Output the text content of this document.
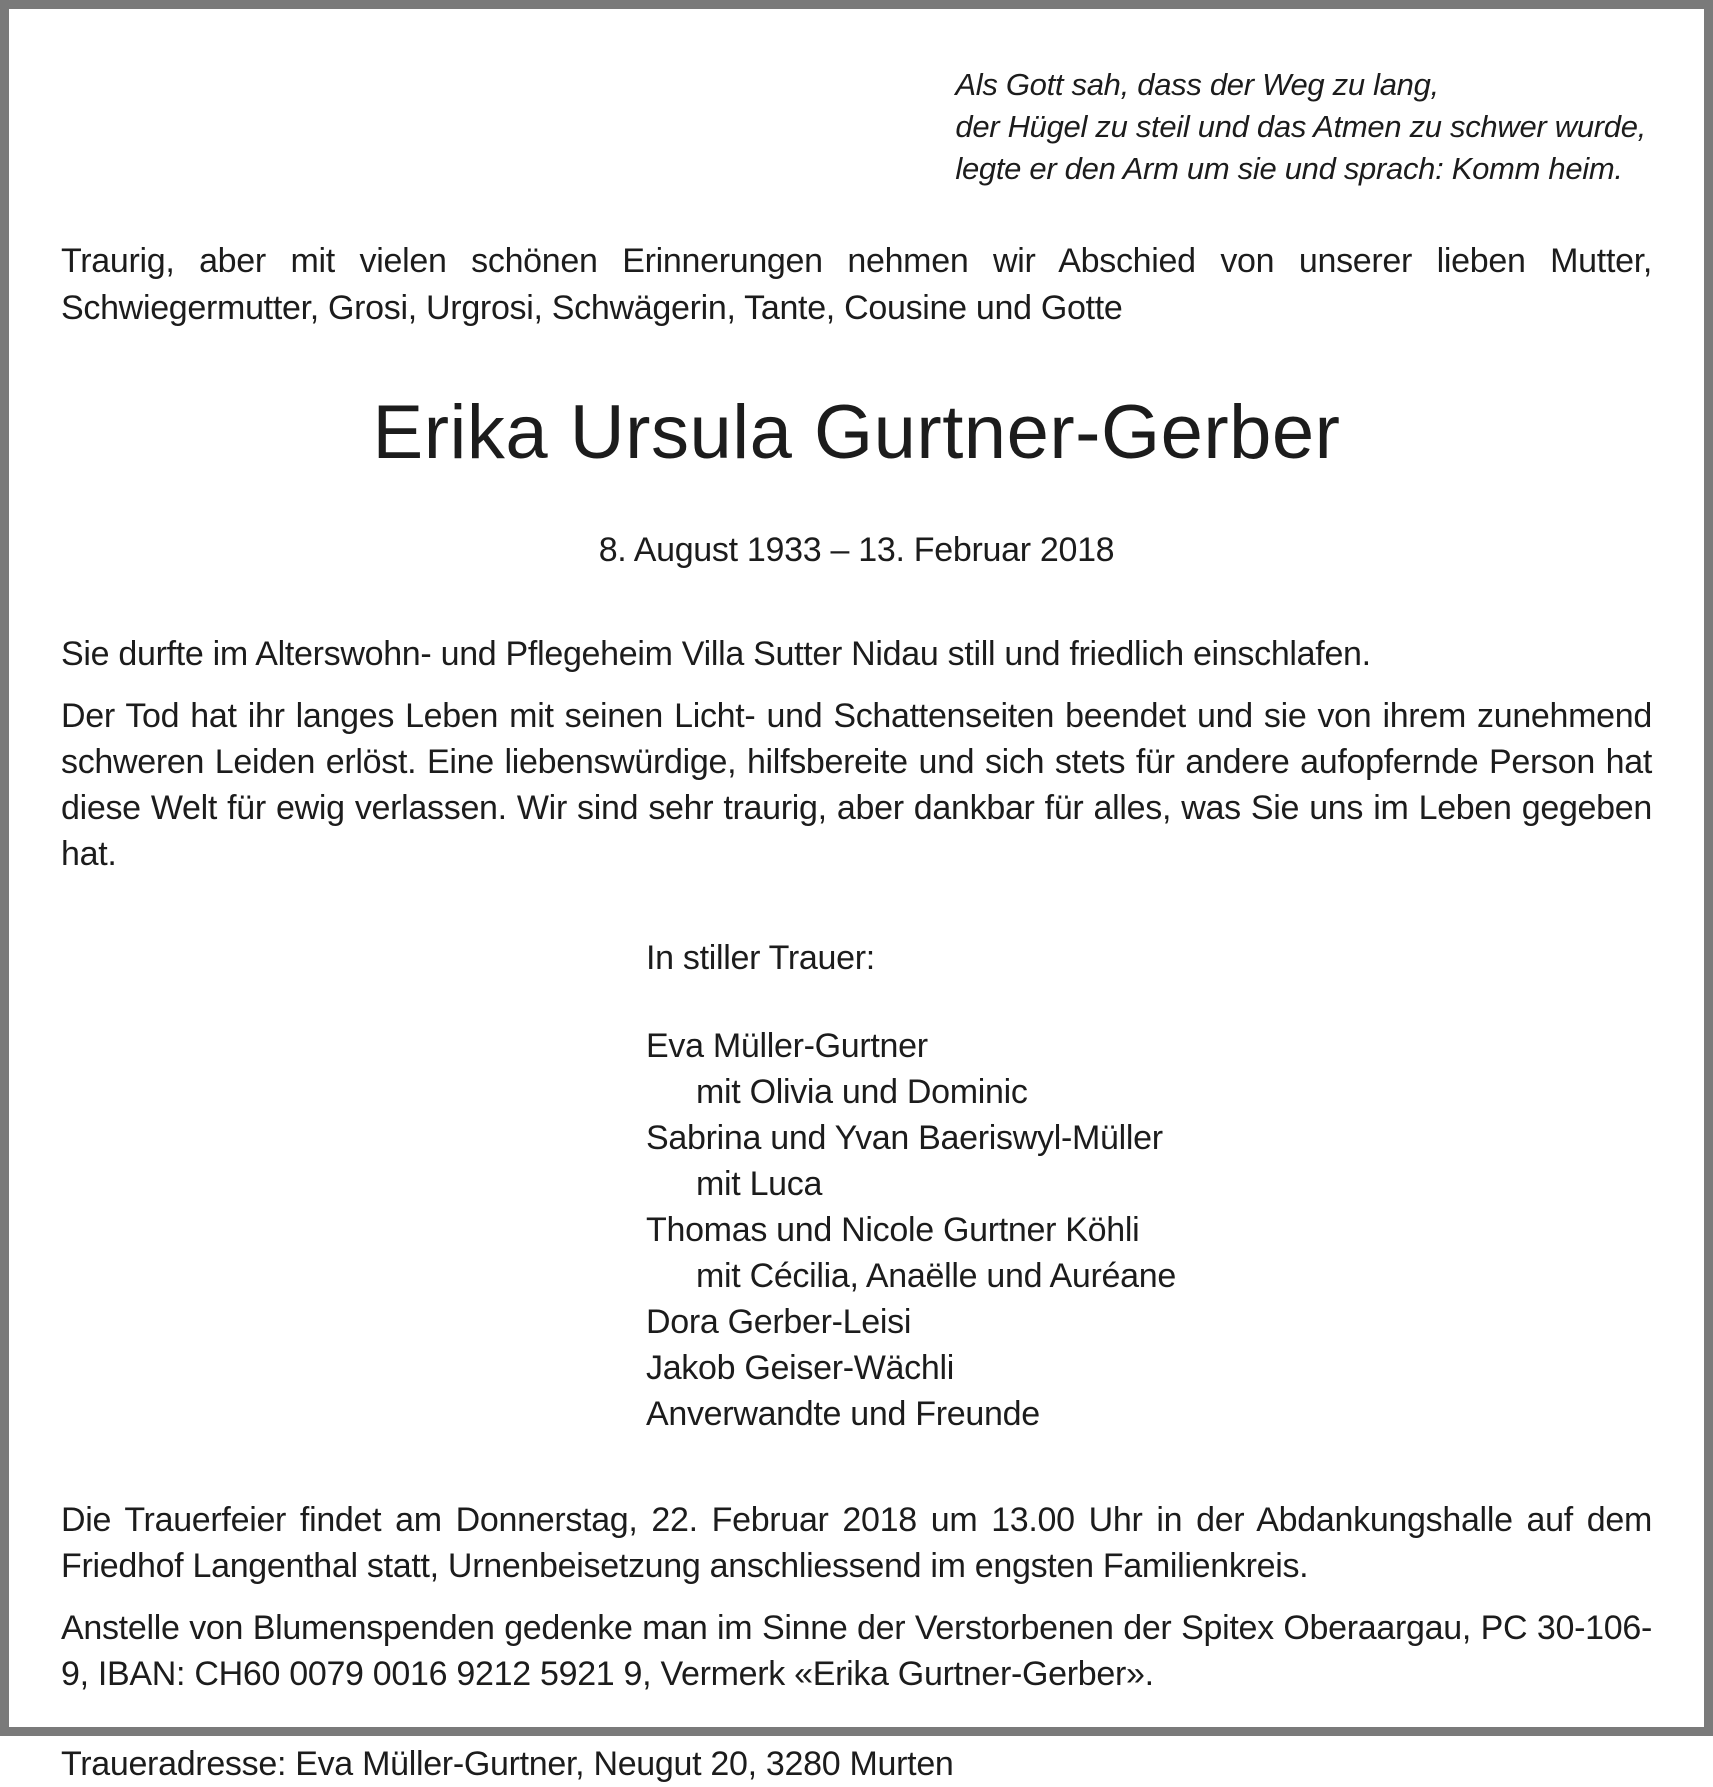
Als Gott sah, dass der Weg zu lang,
der Hügel zu steil und das Atmen zu schwer wurde,
legte er den Arm um sie und sprach: Komm heim.
Traurig, aber mit vielen schönen Erinnerungen nehmen wir Abschied von unserer lieben Mutter, Schwiegermutter, Grosi, Urgrosi, Schwägerin, Tante, Cousine und Gotte
Erika Ursula Gurtner-Gerber
8. August 1933 – 13. Februar 2018
Sie durfte im Alterswohn- und Pflegeheim Villa Sutter Nidau still und friedlich einschlafen.
Der Tod hat ihr langes Leben mit seinen Licht- und Schattenseiten beendet und sie von ihrem zunehmend schweren Leiden erlöst. Eine liebenswürdige, hilfsbereite und sich stets für andere aufopfernde Person hat diese Welt für ewig verlassen. Wir sind sehr traurig, aber dankbar für alles, was Sie uns im Leben gegeben hat.
In stiller Trauer:
Eva Müller-Gurtner
mit Olivia und Dominic
Sabrina und Yvan Baeriswyl-Müller
mit Luca
Thomas und Nicole Gurtner Köhli
mit Cécilia, Anaëlle und Auréane
Dora Gerber-Leisi
Jakob Geiser-Wächli
Anverwandte und Freunde
Die Trauerfeier findet am Donnerstag, 22. Februar 2018 um 13.00 Uhr in der Abdankungshalle auf dem Friedhof Langenthal statt, Urnenbeisetzung anschliessend im engsten Familienkreis.
Anstelle von Blumenspenden gedenke man im Sinne der Verstorbenen der Spitex Oberaargau, PC 30-106-9, IBAN: CH60 0079 0016 9212 5921 9, Vermerk «Erika Gurtner-Gerber».
Traueradresse: Eva Müller-Gurtner, Neugut 20, 3280 Murten
